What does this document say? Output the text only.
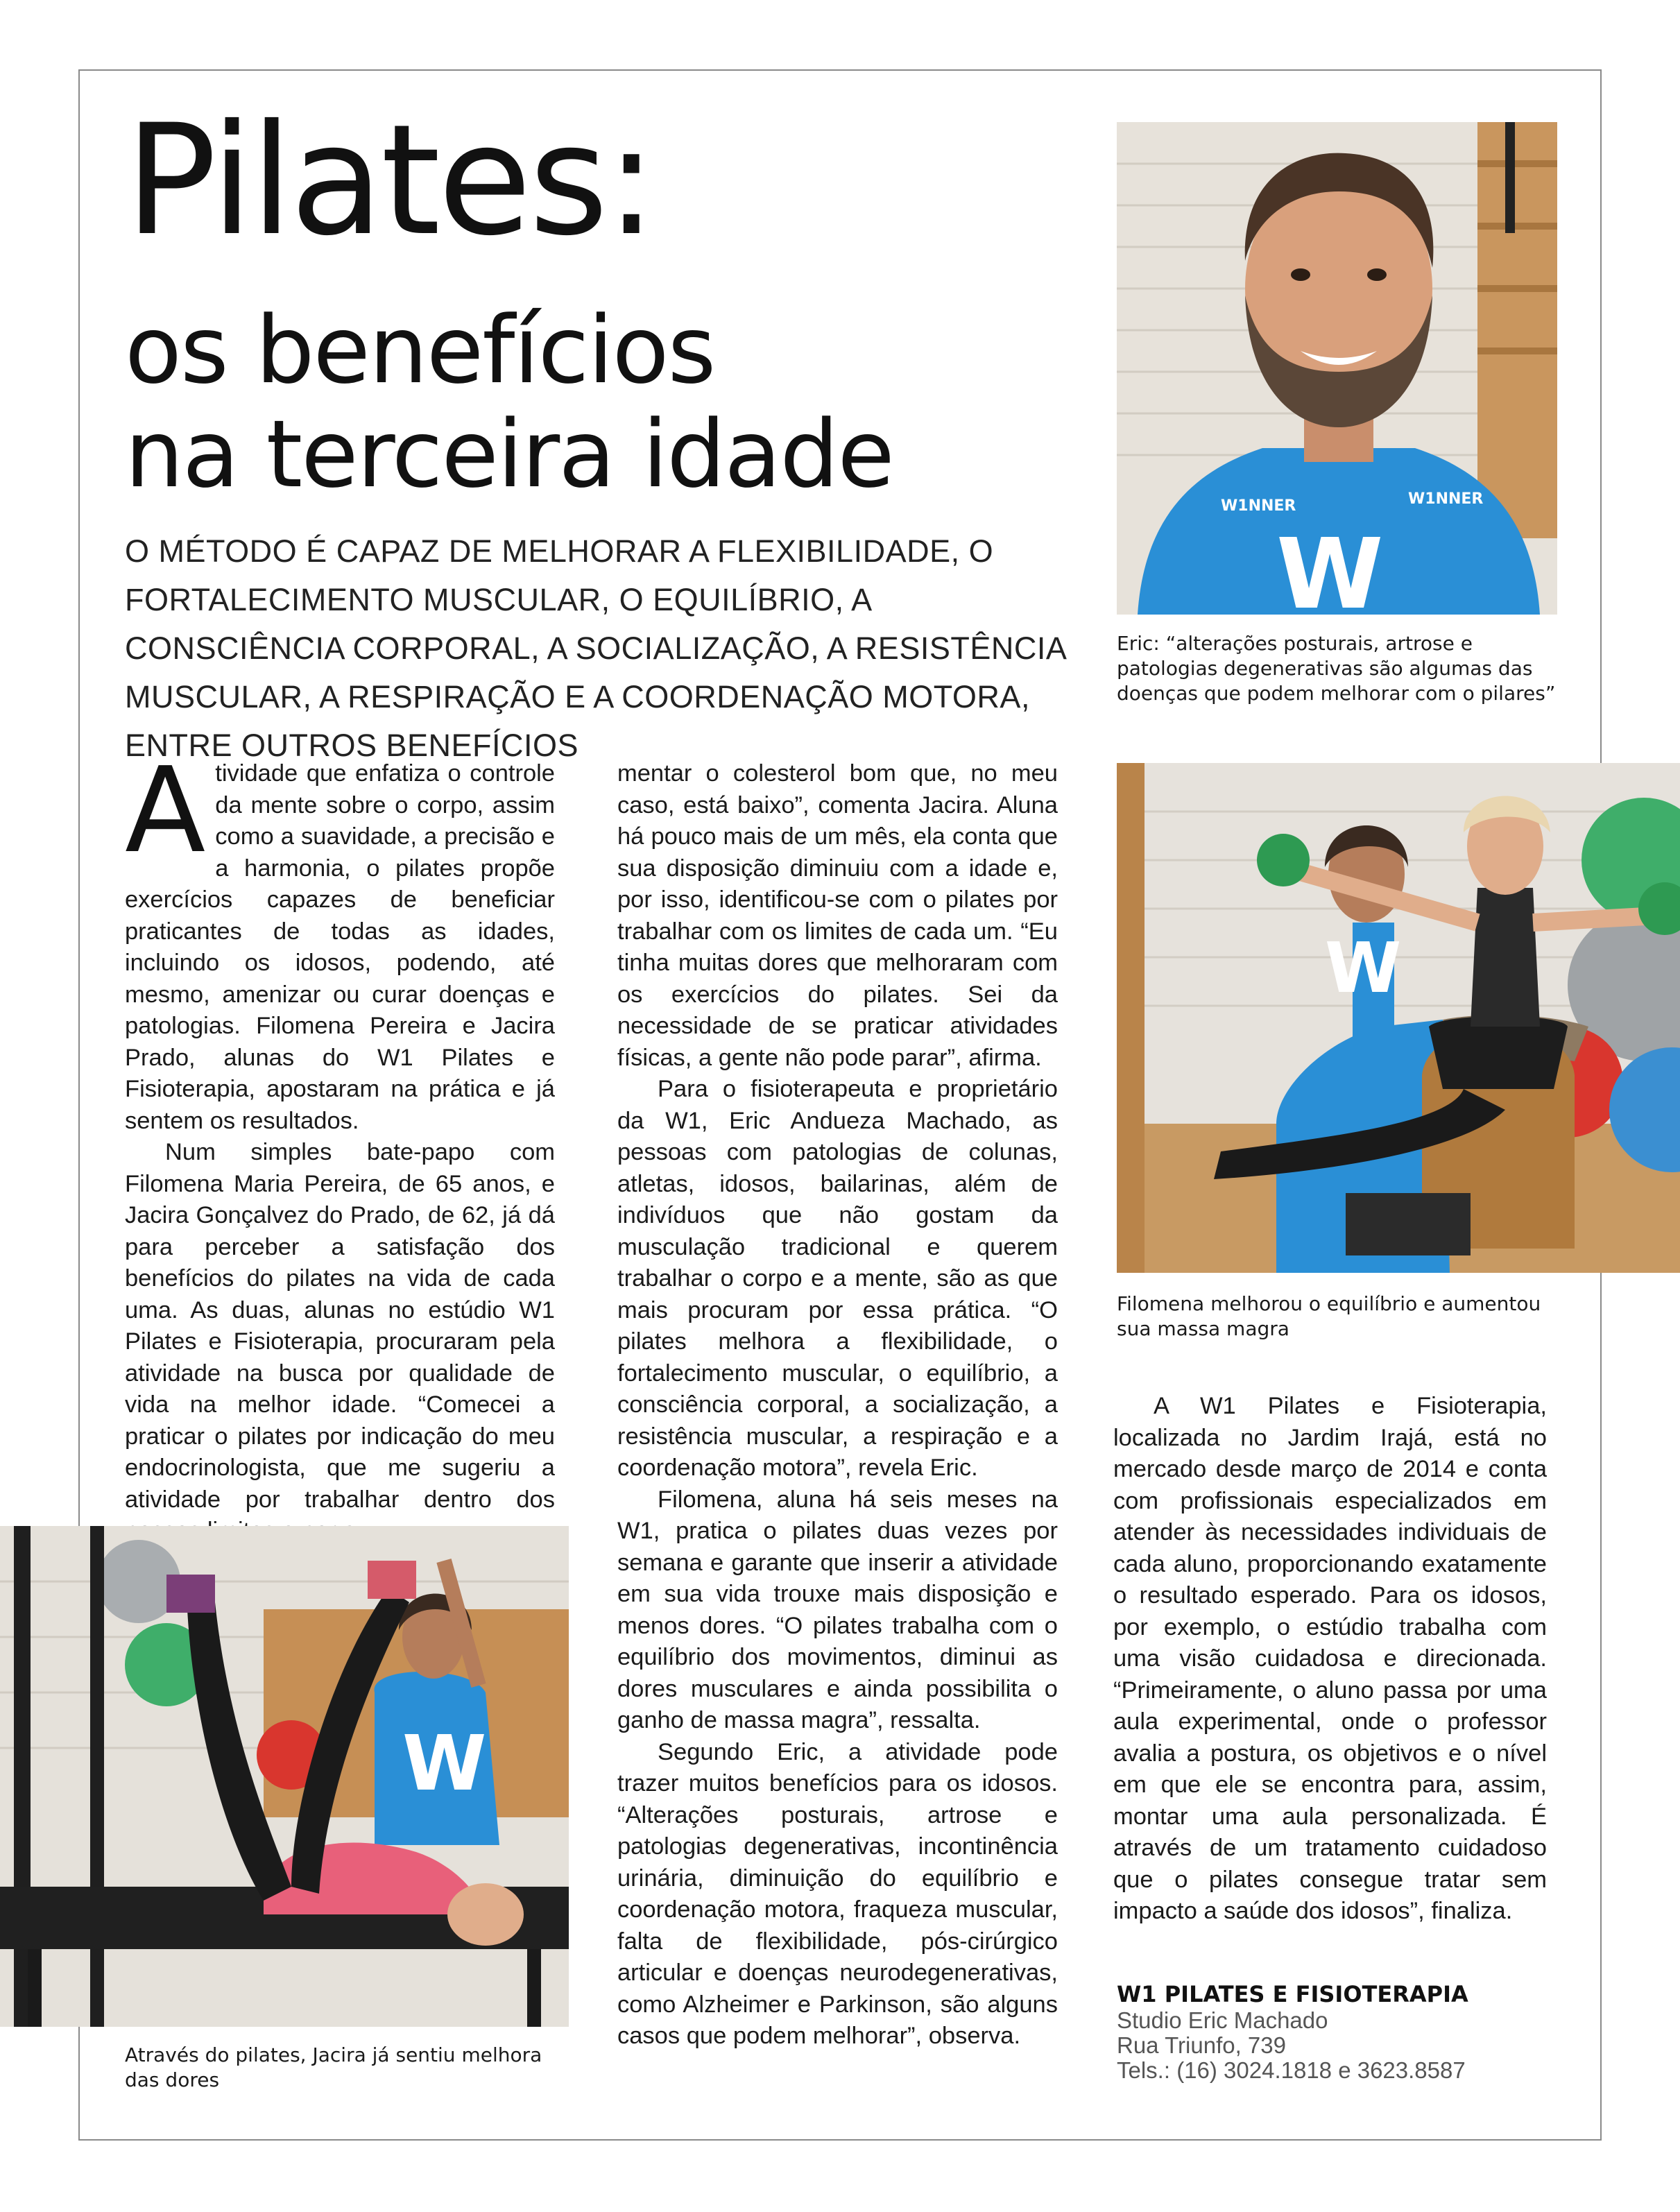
Pilates:
os benefícios
na terceira idade

O MÉTODO É CAPAZ DE MELHORAR A FLEXIBILIDADE, O FORTALECIMENTO MUSCULAR, O EQUILÍBRIO, A CONSCIÊNCIA CORPORAL, A SOCIALIZAÇÃO, A RESISTÊNCIA MUSCULAR, A RESPIRAÇÃO E A COORDENAÇÃO MOTORA, ENTRE OUTROS BENEFÍCIOS

Atividade que enfatiza o controle da mente sobre o corpo, assim como a suavidade, a precisão e a harmonia, o pilates propõe exercícios capazes de beneficiar praticantes de todas as idades, incluindo os idosos, podendo, até mesmo, amenizar ou curar doenças e patologias. Filomena Pereira e Jacira Prado, alunas do W1 Pilates e Fisioterapia, apostaram na prática e já sentem os resultados.

Num simples bate-papo com Filomena Maria Pereira, de 65 anos, e Jacira Gonçalvez do Prado, de 62, já dá para perceber a satisfação dos benefícios do pilates na vida de cada uma. As duas, alunas no estúdio W1 Pilates e Fisioterapia, procuraram pela atividade na busca por qualidade de vida na melhor idade. “Comecei a praticar o pilates por indicação do meu endocrinologista, que me sugeriu a atividade por trabalhar dentro dos

mentar o colesterol bom que, no meu caso, está baixo”, comenta Jacira. Aluna há pouco mais de um mês, ela conta que sua disposição diminuiu com a idade e, por isso, identificou-se com o pilates por trabalhar com os limites de cada um. “Eu tinha muitas dores que melhoraram com os exercícios do pilates. Sei da necessidade de se praticar atividades físicas, a gente não pode parar”, afirma.

Para o fisioterapeuta e proprietário da W1, Eric Andueza Machado, as pessoas com patologias de colunas, atletas, idosos, bailarinas, além de indivíduos que não gostam da musculação tradicional e querem trabalhar o corpo e a mente, são as que mais procuram por essa prática. “O pilates melhora a flexibilidade, o fortalecimento muscular, o equilíbrio, a consciência corporal, a socialização, a resistência muscular, a respiração e a coordenação motora”, revela Eric.

Filomena, aluna há seis meses na W1, pratica o pilates duas vezes por semana e garante que inserir a atividade em sua vida trouxe mais disposição e menos dores. “O pilates trabalha com o equilíbrio dos movimentos, diminui as dores musculares e ainda possibilita o ganho de massa magra”, ressalta.

Segundo Eric, a atividade pode trazer muitos benefícios para os idosos. “Alterações posturais, artrose e patologias degenerativas, incontinência urinária, diminuição do equilíbrio e coordenação motora, fraqueza muscular, falta de flexibilidade, pós-cirúrgico articular e doenças neurodegenerativas, como Alzheimer e Parkinson, são alguns casos que podem melhorar”, observa.

A W1 Pilates e Fisioterapia, localizada no Jardim Irajá, está no mercado desde março de 2014 e conta com profissionais especializados em atender às necessidades individuais de cada aluno, proporcionando exatamente o resultado esperado. Para os idosos, por exemplo, o estúdio trabalha com uma visão cuidadosa e direcionada. “Primeiramente, o aluno passa por uma aula experimental, onde o professor avalia a postura, os objetivos e o nível em que ele se encontra para, assim, montar uma aula personalizada. É através de um tratamento cuidadoso que o pilates consegue tratar sem impacto a saúde dos idosos”, finaliza.

W1NNER	W1NNER
W

Eric: “alterações posturais, artrose e patologias degenerativas são algumas das doenças que podem melhorar com o pilares”

W

Filomena melhorou o equilíbrio e aumentou sua massa magra

W

Através do pilates, Jacira já sentiu melhora das dores

W1 PILATES E FISIOTERAPIA

Studio Eric Machado

Rua Triunfo, 739

Tels.: (16) 3024.1818 e 3623.8587
